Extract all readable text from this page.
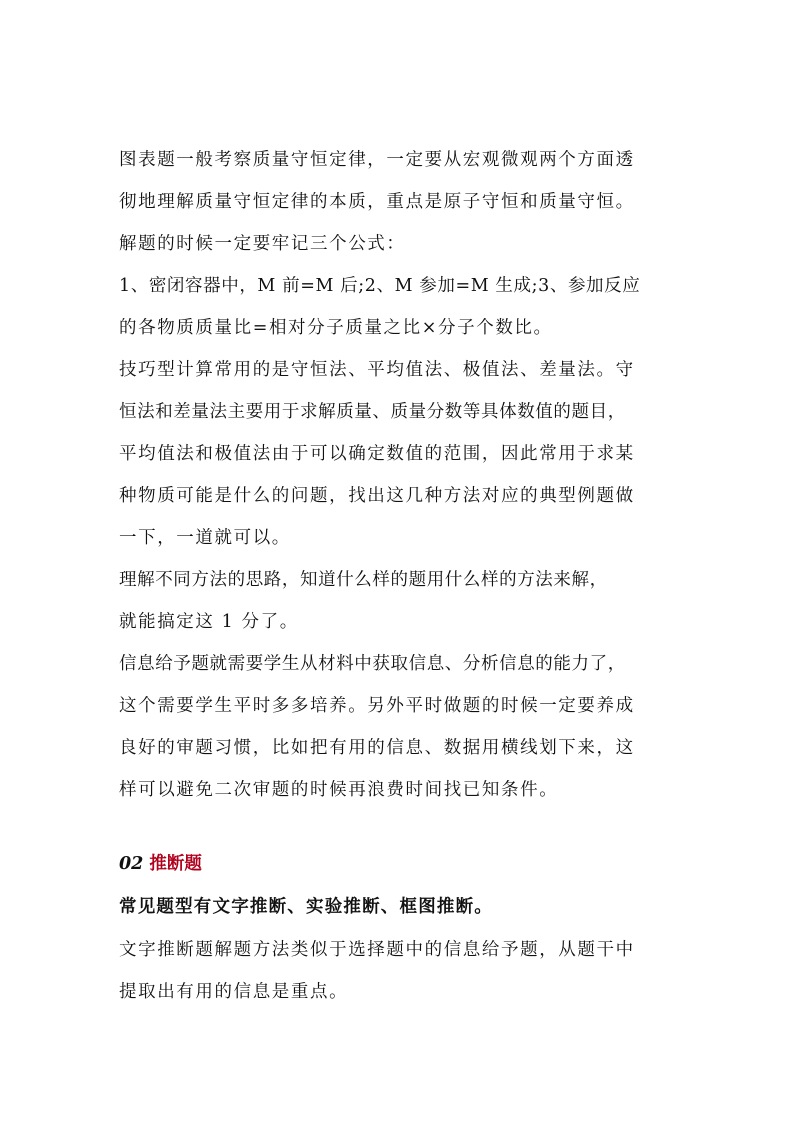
图表题一般考察质量守恒定律，一定要从宏观微观两个方面透
彻地理解质量守恒定律的本质，重点是原子守恒和质量守恒。
解题的时候一定要牢记三个公式：
1、密闭容器中，M 前=M 后;2、M 参加=M 生成;3、参加反应
的各物质质量比=相对分子质量之比×分子个数比。
技巧型计算常用的是守恒法、平均值法、极值法、差量法。守
恒法和差量法主要用于求解质量、质量分数等具体数值的题目，
平均值法和极值法由于可以确定数值的范围，因此常用于求某
种物质可能是什么的问题，找出这几种方法对应的典型例题做
一下，一道就可以。
理解不同方法的思路，知道什么样的题用什么样的方法来解，
就能搞定这 1 分了。
信息给予题就需要学生从材料中获取信息、分析信息的能力了，
这个需要学生平时多多培养。另外平时做题的时候一定要养成
良好的审题习惯，比如把有用的信息、数据用横线划下来，这
样可以避免二次审题的时候再浪费时间找已知条件。
02 推断题
常见题型有文字推断、实验推断、框图推断。
文字推断题解题方法类似于选择题中的信息给予题，从题干中
提取出有用的信息是重点。
